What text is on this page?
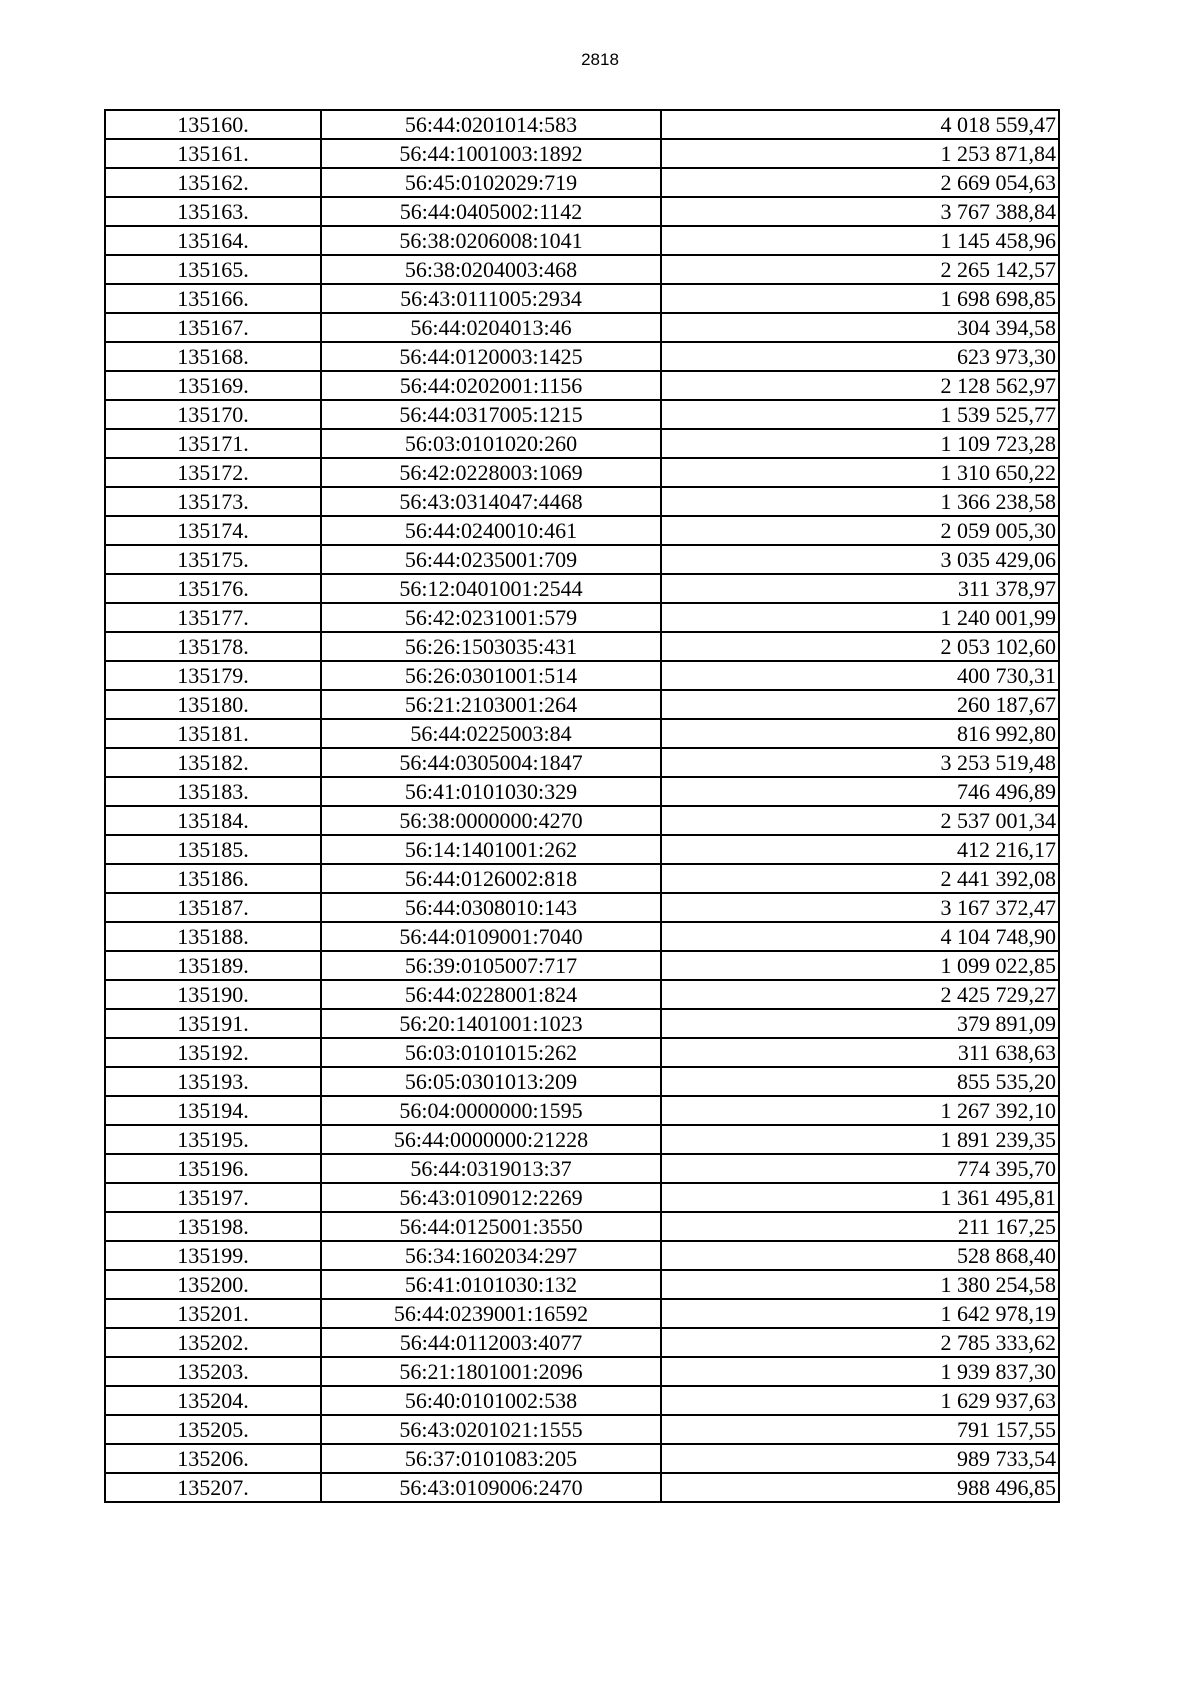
2818
135160.	56:44:0201014:583	4 018 559,47
135161.	56:44:1001003:1892	1 253 871,84
135162.	56:45:0102029:719	2 669 054,63
135163.	56:44:0405002:1142	3 767 388,84
135164.	56:38:0206008:1041	1 145 458,96
135165.	56:38:0204003:468	2 265 142,57
135166.	56:43:0111005:2934	1 698 698,85
135167.	56:44:0204013:46	304 394,58
135168.	56:44:0120003:1425	623 973,30
135169.	56:44:0202001:1156	2 128 562,97
135170.	56:44:0317005:1215	1 539 525,77
135171.	56:03:0101020:260	1 109 723,28
135172.	56:42:0228003:1069	1 310 650,22
135173.	56:43:0314047:4468	1 366 238,58
135174.	56:44:0240010:461	2 059 005,30
135175.	56:44:0235001:709	3 035 429,06
135176.	56:12:0401001:2544	311 378,97
135177.	56:42:0231001:579	1 240 001,99
135178.	56:26:1503035:431	2 053 102,60
135179.	56:26:0301001:514	400 730,31
135180.	56:21:2103001:264	260 187,67
135181.	56:44:0225003:84	816 992,80
135182.	56:44:0305004:1847	3 253 519,48
135183.	56:41:0101030:329	746 496,89
135184.	56:38:0000000:4270	2 537 001,34
135185.	56:14:1401001:262	412 216,17
135186.	56:44:0126002:818	2 441 392,08
135187.	56:44:0308010:143	3 167 372,47
135188.	56:44:0109001:7040	4 104 748,90
135189.	56:39:0105007:717	1 099 022,85
135190.	56:44:0228001:824	2 425 729,27
135191.	56:20:1401001:1023	379 891,09
135192.	56:03:0101015:262	311 638,63
135193.	56:05:0301013:209	855 535,20
135194.	56:04:0000000:1595	1 267 392,10
135195.	56:44:0000000:21228	1 891 239,35
135196.	56:44:0319013:37	774 395,70
135197.	56:43:0109012:2269	1 361 495,81
135198.	56:44:0125001:3550	211 167,25
135199.	56:34:1602034:297	528 868,40
135200.	56:41:0101030:132	1 380 254,58
135201.	56:44:0239001:16592	1 642 978,19
135202.	56:44:0112003:4077	2 785 333,62
135203.	56:21:1801001:2096	1 939 837,30
135204.	56:40:0101002:538	1 629 937,63
135205.	56:43:0201021:1555	791 157,55
135206.	56:37:0101083:205	989 733,54
135207.	56:43:0109006:2470	988 496,85
